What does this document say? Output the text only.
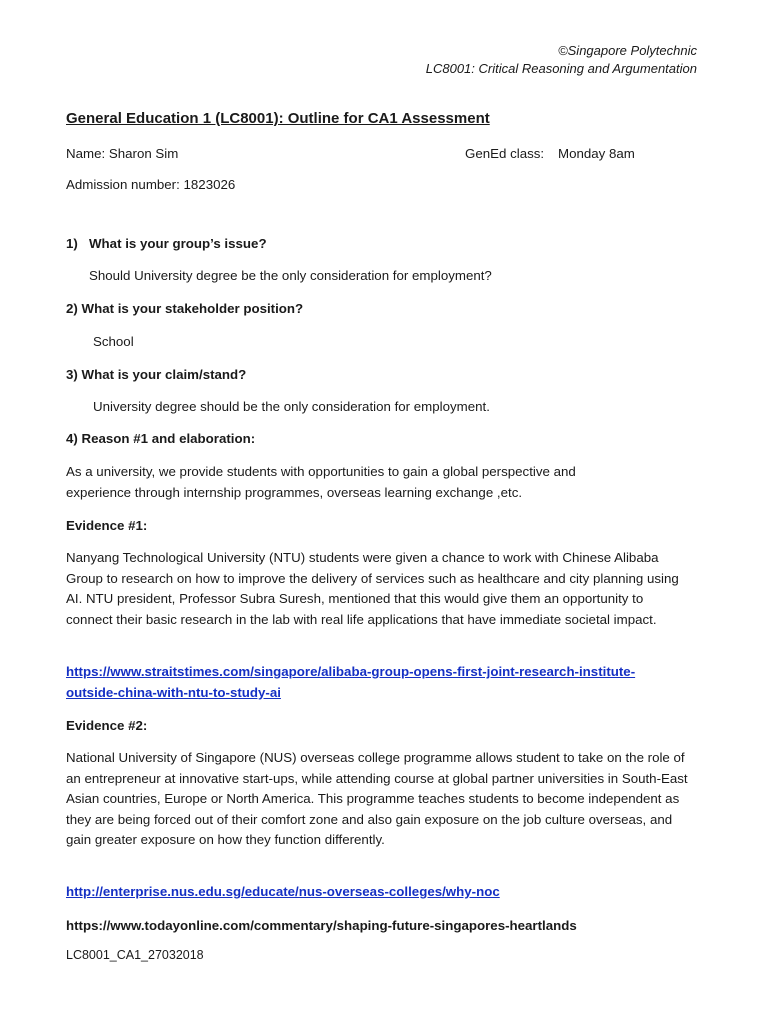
©Singapore Polytechnic

LC8001: Critical Reasoning and Argumentation

General Education 1 (LC8001): Outline for CA1 Assessment

Name: Sharon Sim	GenEd class: Monday 8am

Admission number: 1823026

1) What is your group’s issue?

Should University degree be the only consideration for employment?

2) What is your stakeholder position?

School

3) What is your claim/stand?

University degree should be the only consideration for employment.

4) Reason #1 and elaboration:

As a university, we provide students with opportunities to gain a global perspective and experience through internship programmes, overseas learning exchange ,etc.

Evidence #1:

Nanyang Technological University (NTU) students were given a chance to work with Chinese Alibaba Group to research on how to improve the delivery of services such as healthcare and city planning using AI. NTU president, Professor Subra Suresh, mentioned that this would give them an opportunity to connect their basic research in the lab with real life applications that have immediate societal impact.

https://www.straitstimes.com/singapore/alibaba-group-opens-first-joint-research-institute-

outside-china-with-ntu-to-study-ai

Evidence #2:

National University of Singapore (NUS) overseas college programme allows student to take on the role of an entrepreneur at innovative start-ups, while attending course at global partner universities in South-East Asian countries, Europe or North America. This programme teaches students to become independent as they are being forced out of their comfort zone and also gain exposure on the job culture overseas, and gain greater exposure on how they function differently.

http://enterprise.nus.edu.sg/educate/nus-overseas-colleges/why-noc

https://www.todayonline.com/commentary/shaping-future-singapores-heartlands

LC8001_CA1_27032018
